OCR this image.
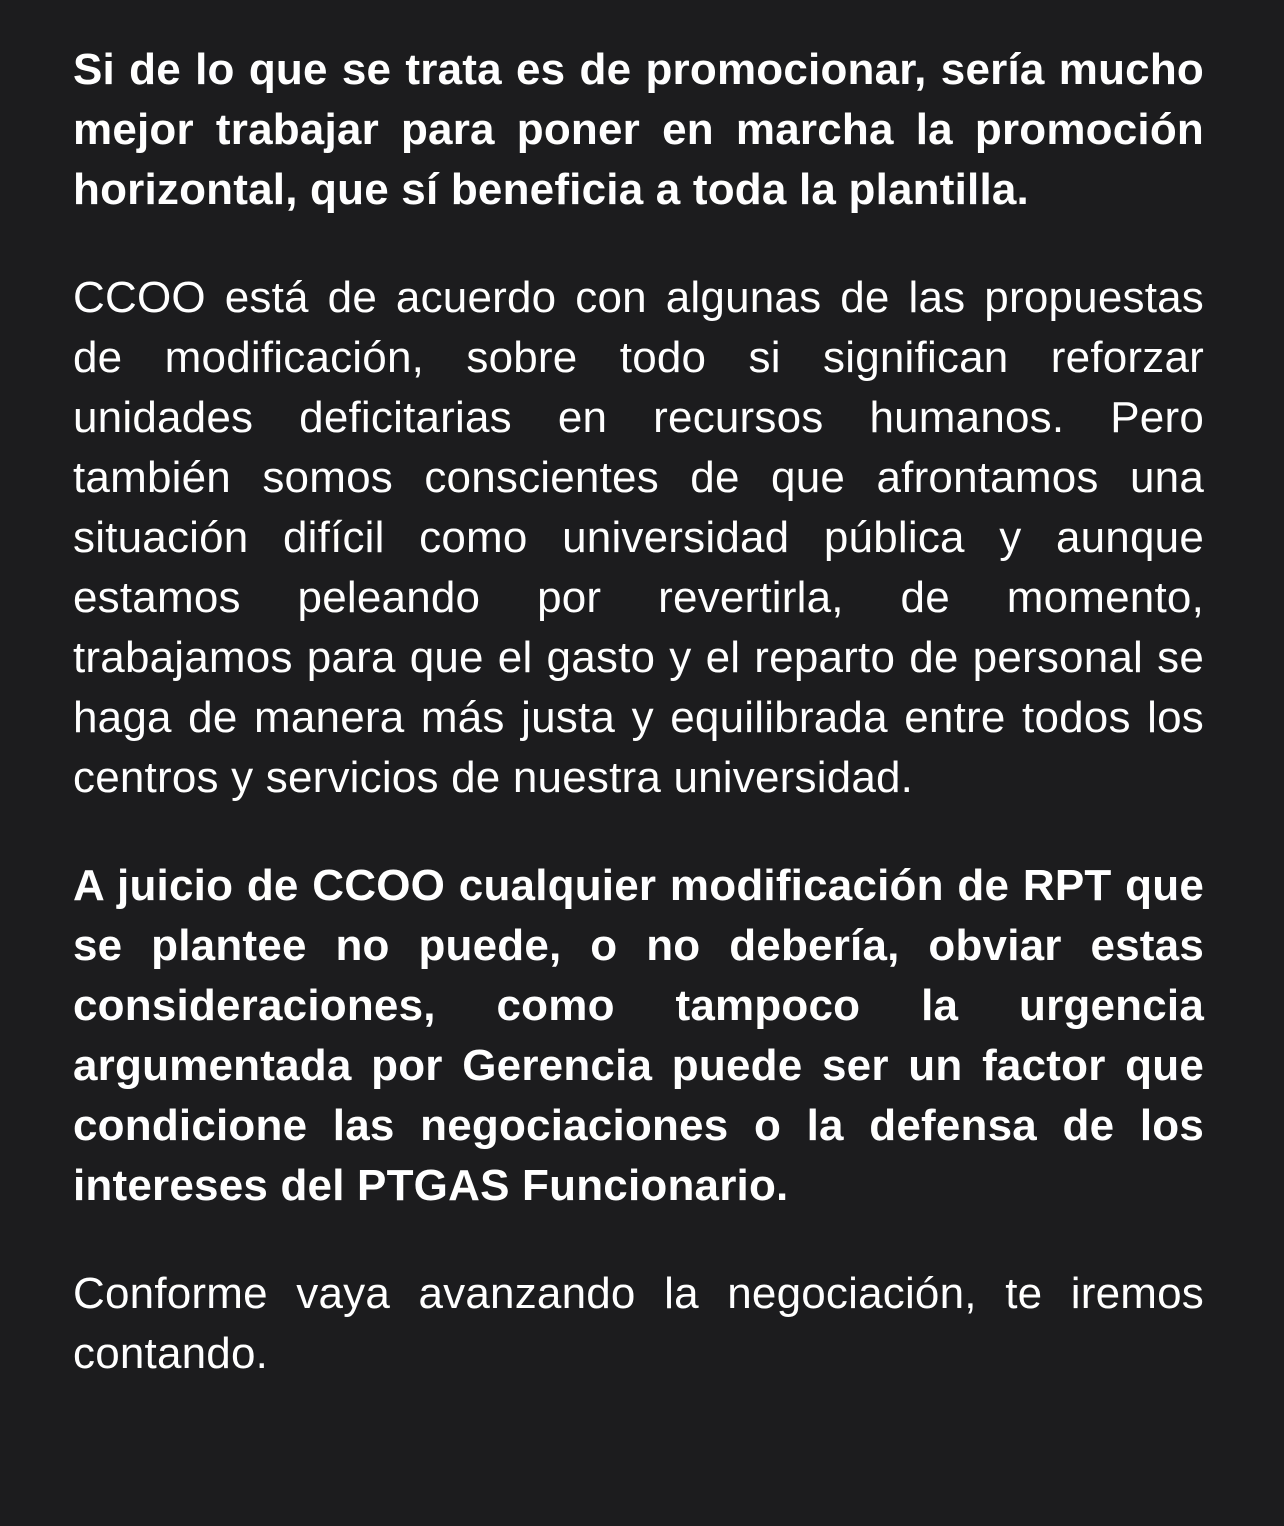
Si de lo que se trata es de promocionar, sería mucho mejor trabajar para poner en marcha la promoción horizontal, que sí beneficia a toda la plantilla.

CCOO está de acuerdo con algunas de las propuestas de modificación, sobre todo si significan reforzar unidades deficitarias en recursos humanos. Pero también somos conscientes de que afrontamos una situación difícil como universidad pública y aunque estamos peleando por revertirla, de momento, trabajamos para que el gasto y el reparto de personal se haga de manera más justa y equilibrada entre todos los centros y servicios de nuestra universidad.

A juicio de CCOO cualquier modificación de RPT que se plantee no puede, o no debería, obviar estas consideraciones, como tampoco la urgencia argumentada por Gerencia puede ser un factor que condicione las negociaciones o la defensa de los intereses del PTGAS Funcionario.

Conforme vaya avanzando la negociación, te iremos contando.
